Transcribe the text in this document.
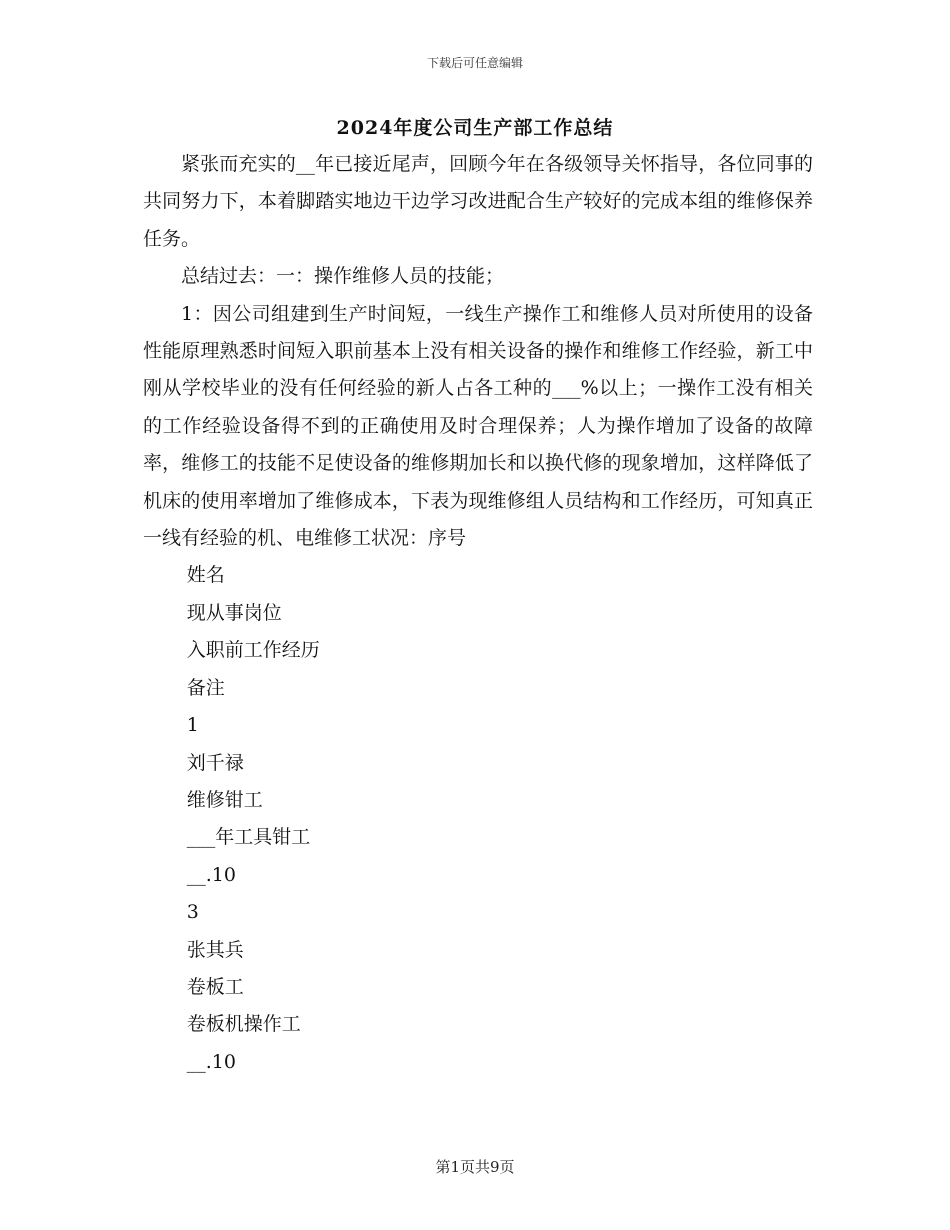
下载后可任意编辑
2024年度公司生产部工作总结

紧张而充实的__年已接近尾声，回顾今年在各级领导关怀指导，各位同事的共同努力下，本着脚踏实地边干边学习改进配合生产较好的完成本组的维修保养任务。

总结过去：一：操作维修人员的技能；

1：因公司组建到生产时间短，一线生产操作工和维修人员对所使用的设备性能原理熟悉时间短入职前基本上没有相关设备的操作和维修工作经验，新工中刚从学校毕业的没有任何经验的新人占各工种的___%以上；一操作工没有相关的工作经验设备得不到的正确使用及时合理保养；人为操作增加了设备的故障率，维修工的技能不足使设备的维修期加长和以换代修的现象增加，这样降低了机床的使用率增加了维修成本，下表为现维修组人员结构和工作经历，可知真正一线有经验的机、电维修工状况：序号

姓名

现从事岗位

入职前工作经历

备注

1

刘千禄

维修钳工

___年工具钳工

__.10

3

张其兵

卷板工

卷板机操作工

__.10

第1页共9页
